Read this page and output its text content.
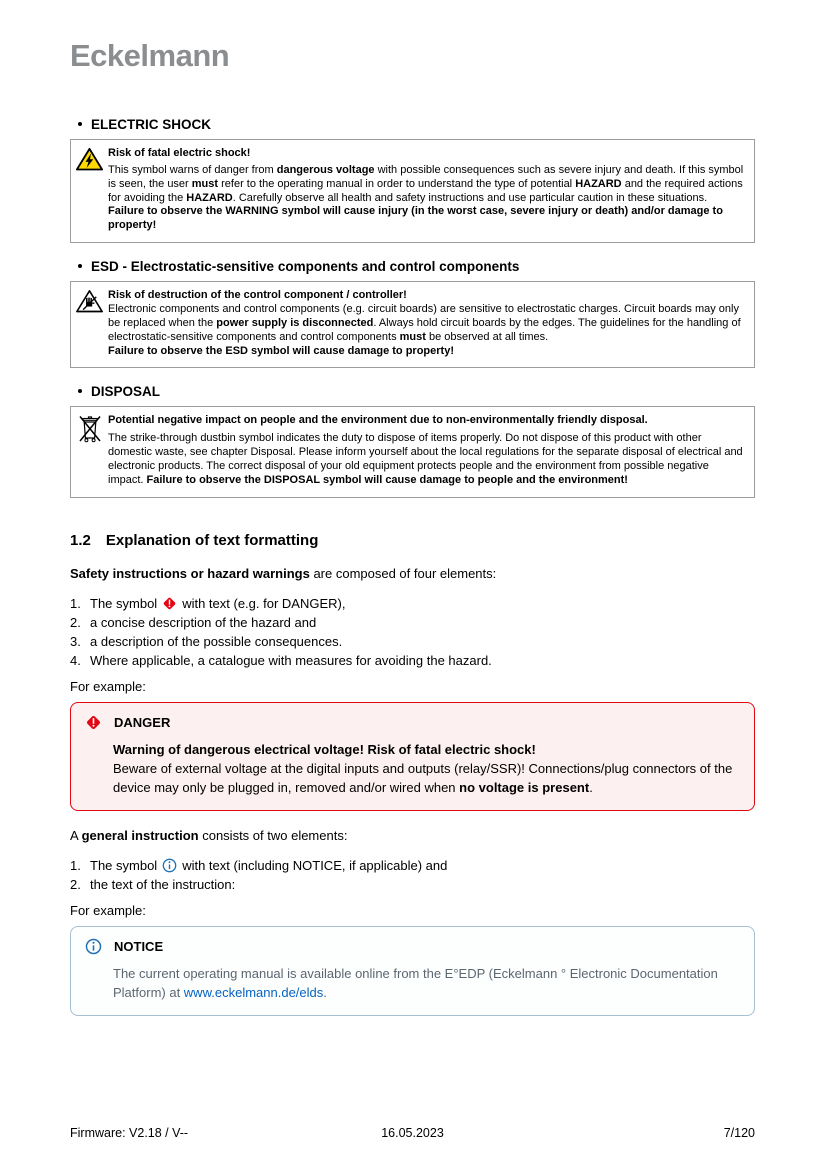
Eckelmann
ELECTRIC SHOCK

Risk of fatal electric shock!

This symbol warns of danger from dangerous voltage with possible consequences such as severe injury and death. If this symbol is seen, the user must refer to the operating manual in order to understand the type of potential HAZARD and the required actions for avoiding the HAZARD. Carefully observe all health and safety instructions and use particular caution in these situations.

Failure to observe the WARNING symbol will cause injury (in the worst case, severe injury or death) and/or damage to property!

ESD - Electrostatic-sensitive components and control components

Risk of destruction of the control component / controller!

Electronic components and control components (e.g. circuit boards) are sensitive to electrostatic charges. Circuit boards may only be replaced when the power supply is disconnected. Always hold circuit boards by the edges. The guidelines for the handling of electrostatic-sensitive components and control components must be observed at all times.

Failure to observe the ESD symbol will cause damage to property!

DISPOSAL

Potential negative impact on people and the environment due to non-environmentally friendly disposal.

The strike-through dustbin symbol indicates the duty to dispose of items properly. Do not dispose of this product with other domestic waste, see chapter Disposal. Please inform yourself about the local regulations for the separate disposal of electrical and electronic products. The correct disposal of your old equipment protects people and the environment from possible negative impact. Failure to observe the DISPOSAL symbol will cause damage to people and the environment!

1.2 Explanation of text formatting

Safety instructions or hazard warnings are composed of four elements:

1. The symbol with text (e.g. for DANGER),
2. a concise description of the hazard and
3. a description of the possible consequences.
4. Where applicable, a catalogue with measures for avoiding the hazard.

For example:

DANGER

Warning of dangerous electrical voltage! Risk of fatal electric shock!

Beware of external voltage at the digital inputs and outputs (relay/SSR)! Connections/plug connectors of the device may only be plugged in, removed and/or wired when no voltage is present.

A general instruction consists of two elements:

1. The symbol with text (including NOTICE, if applicable) and
2. the text of the instruction:

For example:

NOTICE

The current operating manual is available online from the E°EDP (Eckelmann ° Electronic Documentation Platform) at www.eckelmann.de/elds.

Firmware: V2.18 / V--	16.05.2023	7/120
